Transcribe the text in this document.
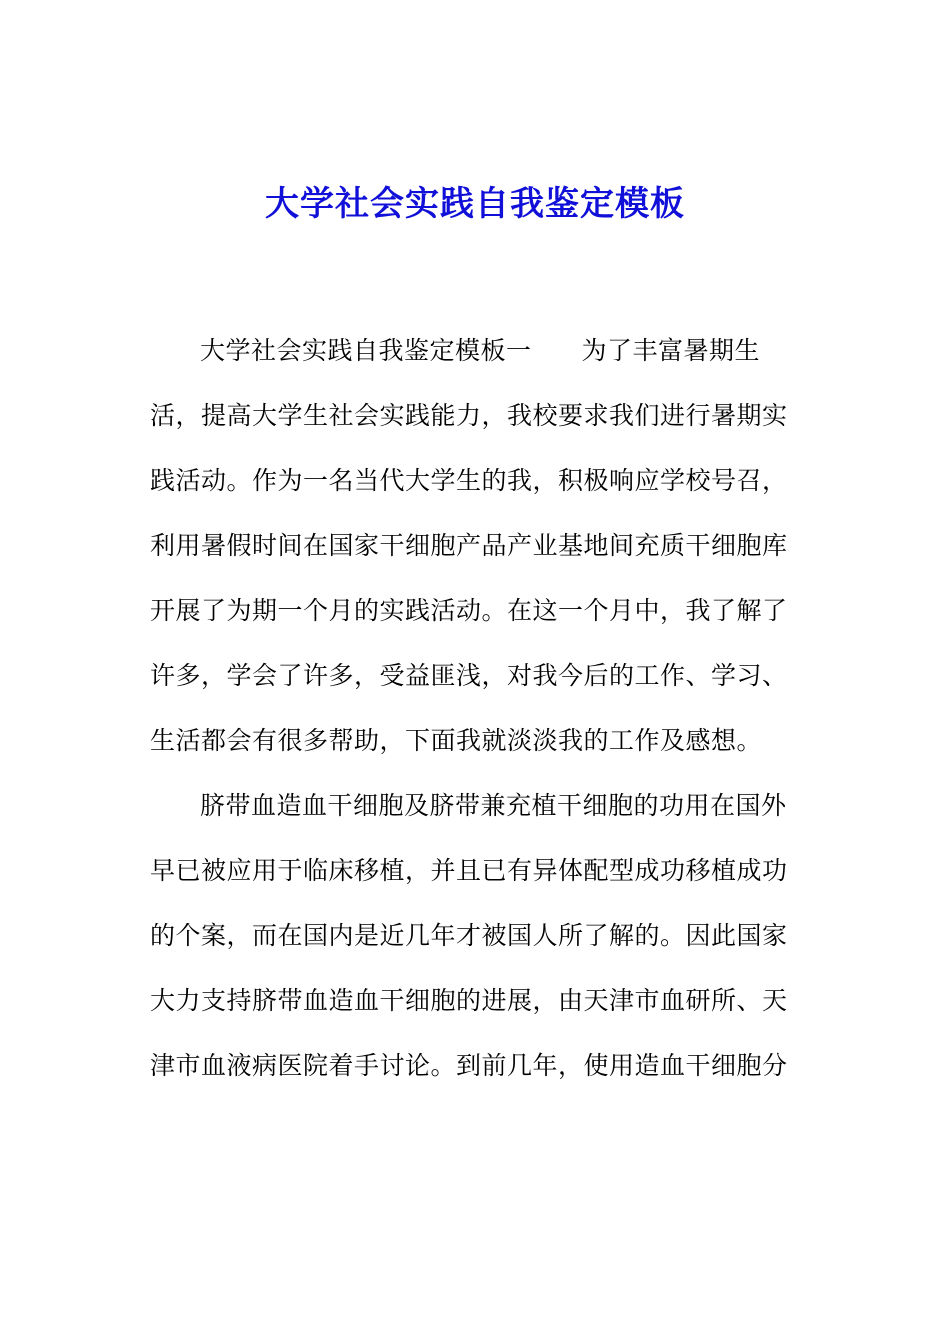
大学社会实践自我鉴定模板
大学社会实践自我鉴定模板一 为了丰富暑期生
活，提高大学生社会实践能力，我校要求我们进行暑期实
践活动。作为一名当代大学生的我，积极响应学校号召，
利用暑假时间在国家干细胞产品产业基地间充质干细胞库
开展了为期一个月的实践活动。在这一个月中，我了解了
许多，学会了许多，受益匪浅，对我今后的工作、学习、
生活都会有很多帮助，下面我就淡淡我的工作及感想。
脐带血造血干细胞及脐带兼充植干细胞的功用在国外
早已被应用于临床移植，并且已有异体配型成功移植成功
的个案，而在国内是近几年才被国人所了解的。因此国家
大力支持脐带血造血干细胞的进展，由天津市血研所、天
津市血液病医院着手讨论。到前几年，使用造血干细胞分
